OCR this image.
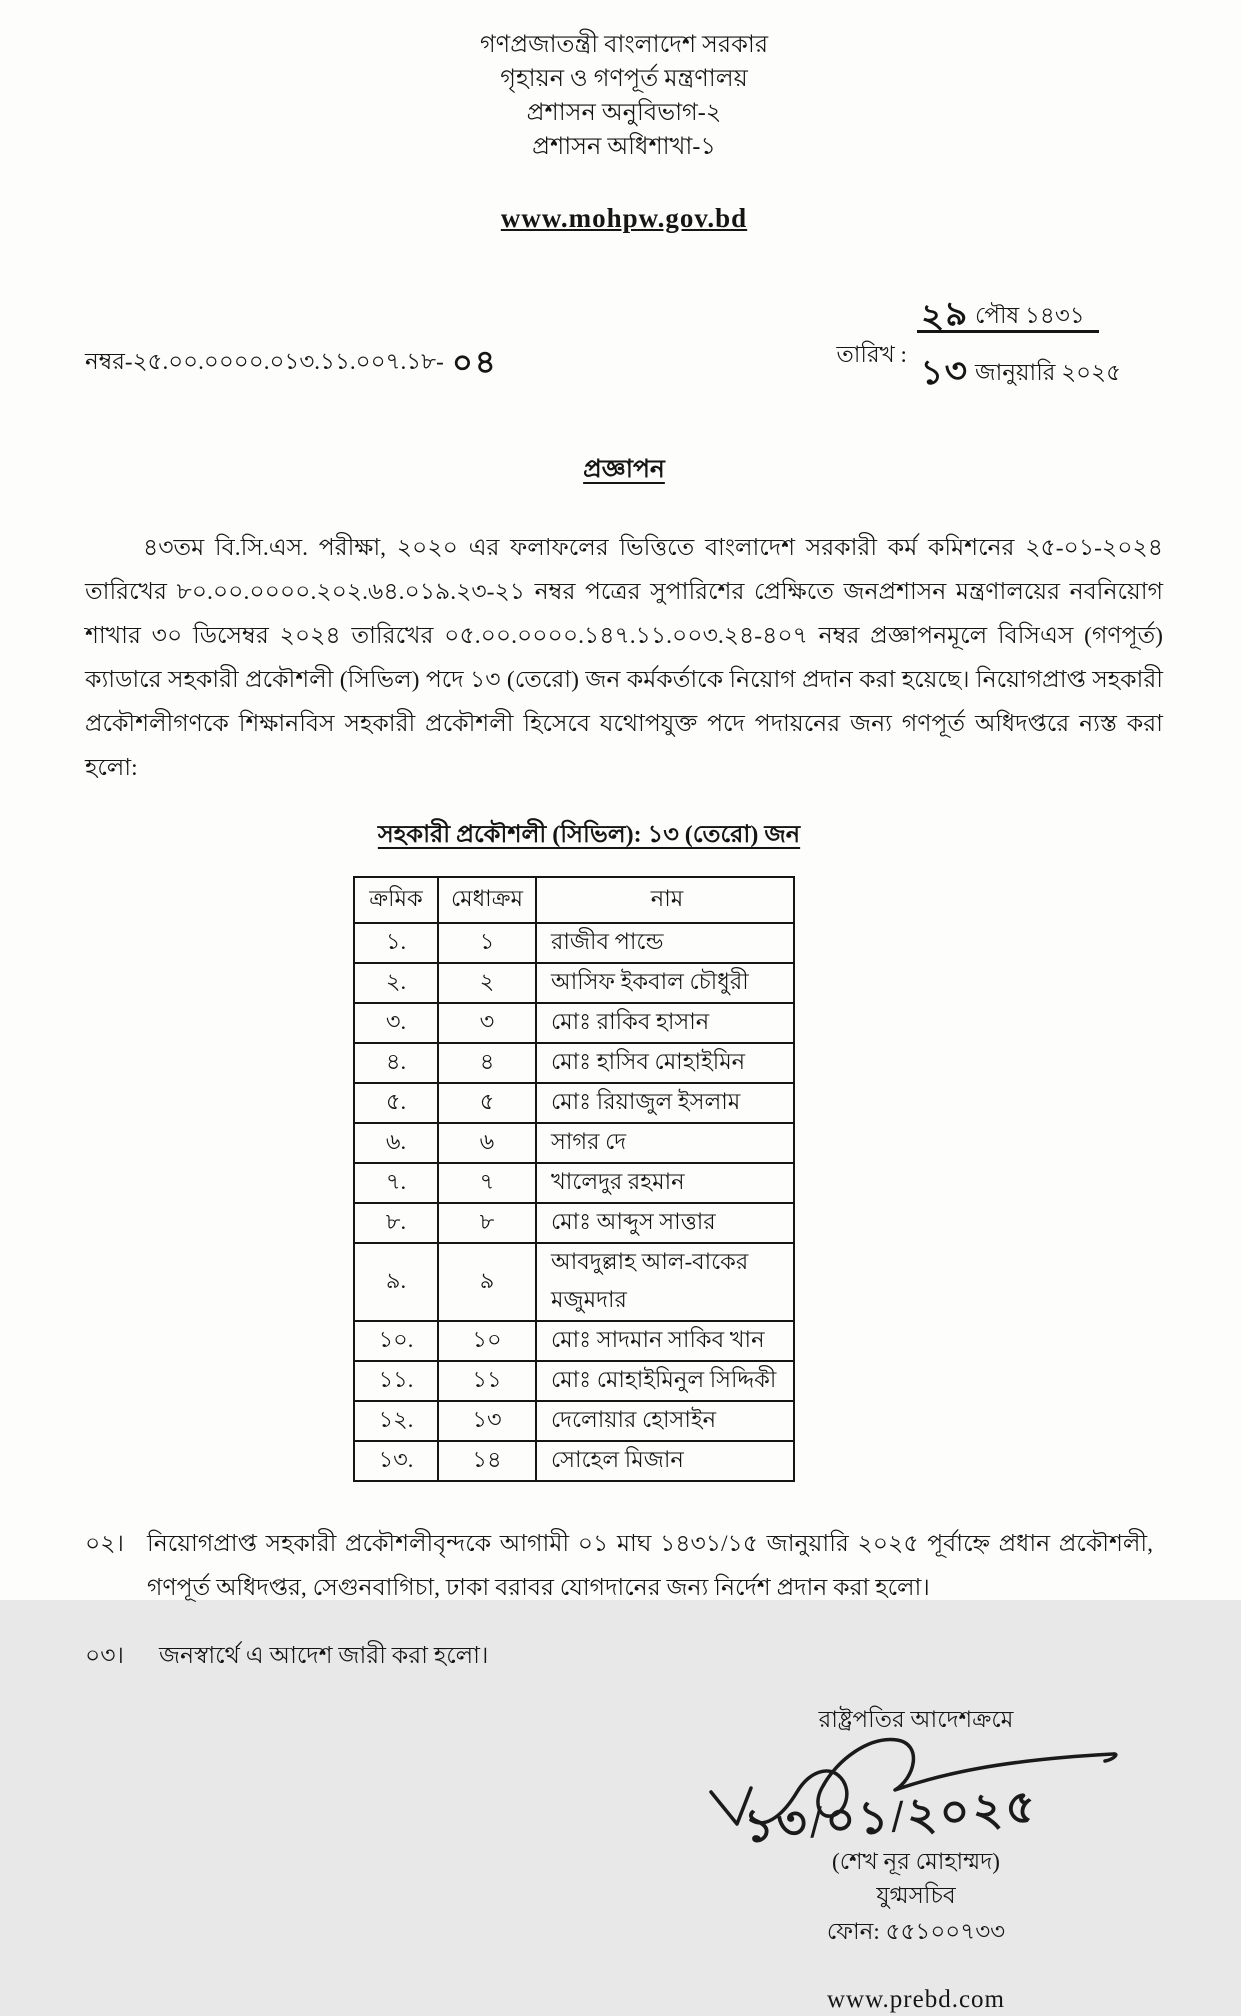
গণপ্রজাতন্ত্রী বাংলাদেশ সরকার
গৃহায়ন ও গণপূর্ত মন্ত্রণালয়
প্রশাসন অনুবিভাগ-২
প্রশাসন অধিশাখা-১

www.mohpw.gov.bd
নম্বর-২৫.০০.০০০০.০১৩.১১.০০৭.১৮- ০৪	তারিখ : $\frac{\text{২৯ পৌষ ১৪৩১}}{\text{১৩ জানুয়ারি ২০২৫}}$
প্রজ্ঞাপন

৪৩তম বি.সি.এস. পরীক্ষা, ২০২০ এর ফলাফলের ভিত্তিতে বাংলাদেশ সরকারী কর্ম কমিশনের ২৫-০১-২০২৪ তারিখের ৮০.০০.০০০০.২০২.৬৪.০১৯.২৩-২১ নম্বর পত্রের সুপারিশের প্রেক্ষিতে জনপ্রশাসন মন্ত্রণালয়ের নবনিয়োগ শাখার ৩০ ডিসেম্বর ২০২৪ তারিখের ০৫.০০.০০০০.১৪৭.১১.০০৩.২৪-৪০৭ নম্বর প্রজ্ঞাপনমূলে বিসিএস (গণপূর্ত) ক্যাডারে সহকারী প্রকৌশলী (সিভিল) পদে ১৩ (তেরো) জন কর্মকর্তাকে নিয়োগ প্রদান করা হয়েছে। নিয়োগপ্রাপ্ত সহকারী প্রকৌশলীগণকে শিক্ষানবিস সহকারী প্রকৌশলী হিসেবে যথোপযুক্ত পদে পদায়নের জন্য গণপূর্ত অধিদপ্তরে ন্যস্ত করা হলো:

সহকারী প্রকৌশলী (সিভিল): ১৩ (তেরো) জন
ক্রমিক	মেধাক্রম	নাম
১.	১	রাজীব পান্ডে
২.	২	আসিফ ইকবাল চৌধুরী
৩.	৩	মোঃ রাকিব হাসান
৪.	৪	মোঃ হাসিব মোহাইমিন
৫.	৫	মোঃ রিয়াজুল ইসলাম
৬.	৬	সাগর দে
৭.	৭	খালেদুর রহমান
৮.	৮	মোঃ আব্দুস সাত্তার
৯.	৯	আবদুল্লাহ আল-বাকের মজুমদার
১০.	১০	মোঃ সাদমান সাকিব খান
১১.	১১	মোঃ মোহাইমিনুল সিদ্দিকী
১২.	১৩	দেলোয়ার হোসাইন
১৩.	১৪	সোহেল মিজান
০২। নিয়োগপ্রাপ্ত সহকারী প্রকৌশলীবৃন্দকে আগামী ০১ মাঘ ১৪৩১/১৫ জানুয়ারি ২০২৫ পূর্বাহ্নে প্রধান প্রকৌশলী, গণপূর্ত অধিদপ্তর, সেগুনবাগিচা, ঢাকা বরাবর যোগদানের জন্য নির্দেশ প্রদান করা হলো।
০৩।	জনস্বার্থে এ আদেশ জারী করা হলো।
রাষ্ট্রপতির আদেশক্রমে
১৩/০১/২০২৫
(শেখ নূর মোহাম্মদ)
যুগ্মসচিব
ফোন: ৫৫১০০৭৩৩

www.prebd.com
